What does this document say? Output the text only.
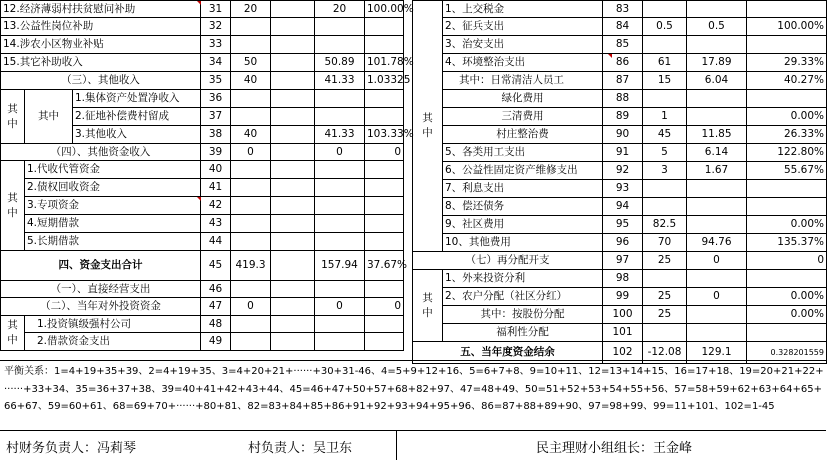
12.经济薄弱村扶贫慰问补助			31	20		20	100.00%
13.公益性岗位补助			32				
14.涉农小区物业补贴			33				
15.其它补助收入			34	50		50.89	101.78%
（三）、其他收入			35	40		41.33	1.03325
其
中	其中	1.集体资产处置净收入	36				
		2.征地补偿费村留成	37				
		3.其他收入	38	40		41.33	103.33%
（四）、其他资金收入			39	0		0	0
其
中	1.代收代管资金		40				
	2.债权回收资金		41				
	3.专项资金		42				
	4.短期借款		43				
	5.长期借款		44				
四、资金支出合计			45	419.3		157.94	37.67%
（一）、直接经营支出			46				
（二）、当年对外投资资金			47	0		0	0
其
中	1.投资镇级强村公司		48				
	2.借款资金支出		49				
其
中	1、上交税金	83			
	2、征兵支出	84	0.5	0.5	100.00%
	3、治安支出	85			
	4、环境整治支出	86	61	17.89	29.33%
	其中：日常清洁人员工	87	15	6.04	40.27%
	绿化费用	88			
	三清费用	89	1		0.00%
	村庄整治费	90	45	11.85	26.33%
	5、各类用工支出	91	5	6.14	122.80%
	6、公益性固定资产维修支出	92	3	1.67	55.67%
	7、利息支出	93			
	8、偿还债务	94			
	9、社区费用	95	82.5		0.00%
	10、其他费用	96	70	94.76	135.37%
（七）再分配开支		97	25	0	0
其
中	1、外来投资分利	98			
	2、农户分配（社区分红）	99	25	0	0.00%
	其中：按股份分配	100	25		0.00%
	福利性分配	101			
五、当年度资金结余		102	-12.08	129.1	0.328201559
平衡关系：1=4+19+35+39、2=4+19+35、3=4+20+21+······+30+31-46、4=5+9+12+16、5=6+7+8、9=10+11、12=13+14+15、16=17+18、19=20+21+22+······+33+34、35=36+37+38、39=40+41+42+43+44、45=46+47+50+57+68+82+97、47=48+49、50=51+52+53+54+55+56、57=58+59+62+63+64+65+66+67、59=60+61、68=69+70+······+80+81、82=83+84+85+86+91+92+93+94+95+96、86=87+88+89+90、97=98+99、99=11+101、102=1-45
村财务负责人：冯莉琴	村负责人：吴卫东	民主理财小组组长：王金峰
